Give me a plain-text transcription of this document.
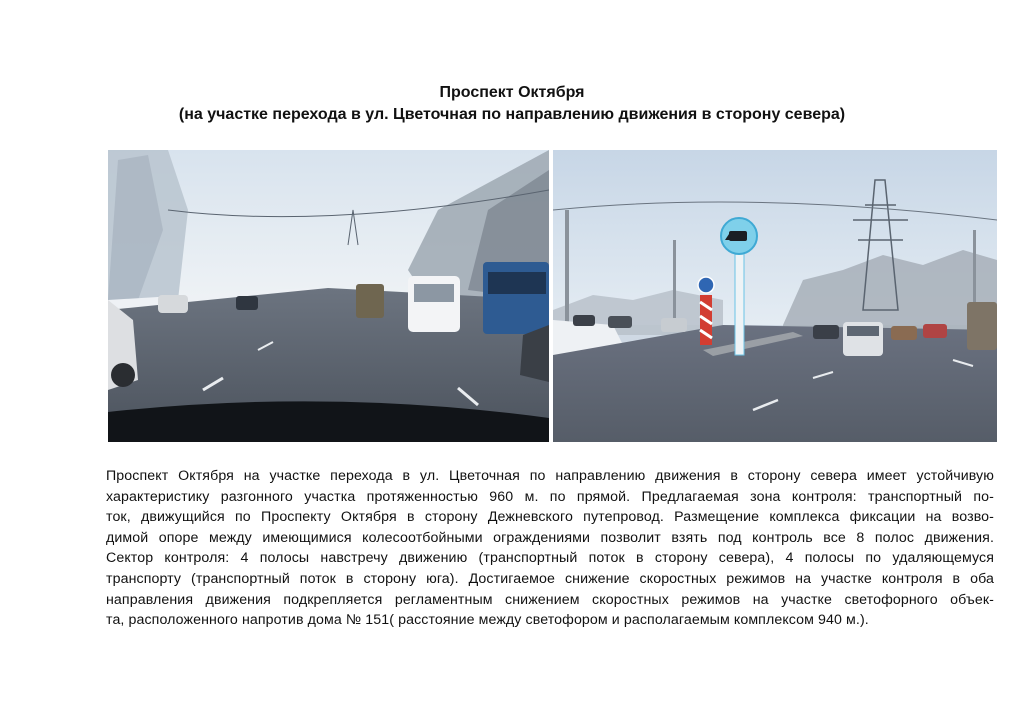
Проспект Октября
(на участке перехода в ул. Цветочная по направлению движения в сторону севера)
Проспект Октября на участке перехода в ул. Цветочная по направлению движения в сторону севера имеет устойчивую
характеристику разгонного участка протяженностью 960 м. по прямой. Предлагаемая зона контроля: транспортный по-
ток, движущийся по Проспекту Октября в сторону Дежневского путепровод. Размещение комплекса фиксации на возво-
димой опоре между имеющимися колесоотбойными ограждениями позволит взять под контроль все 8 полос движения.
Сектор контроля: 4 полосы навстречу движению (транспортный поток в сторону севера), 4 полосы по удаляющемуся
транспорту (транспортный поток в сторону юга). Достигаемое снижение скоростных режимов на участке контроля в оба
направления движения подкрепляется регламентным снижением скоростных режимов на участке светофорного объек-
та, расположенного напротив дома № 151( расстояние между светофором и располагаемым комплексом 940 м.).
